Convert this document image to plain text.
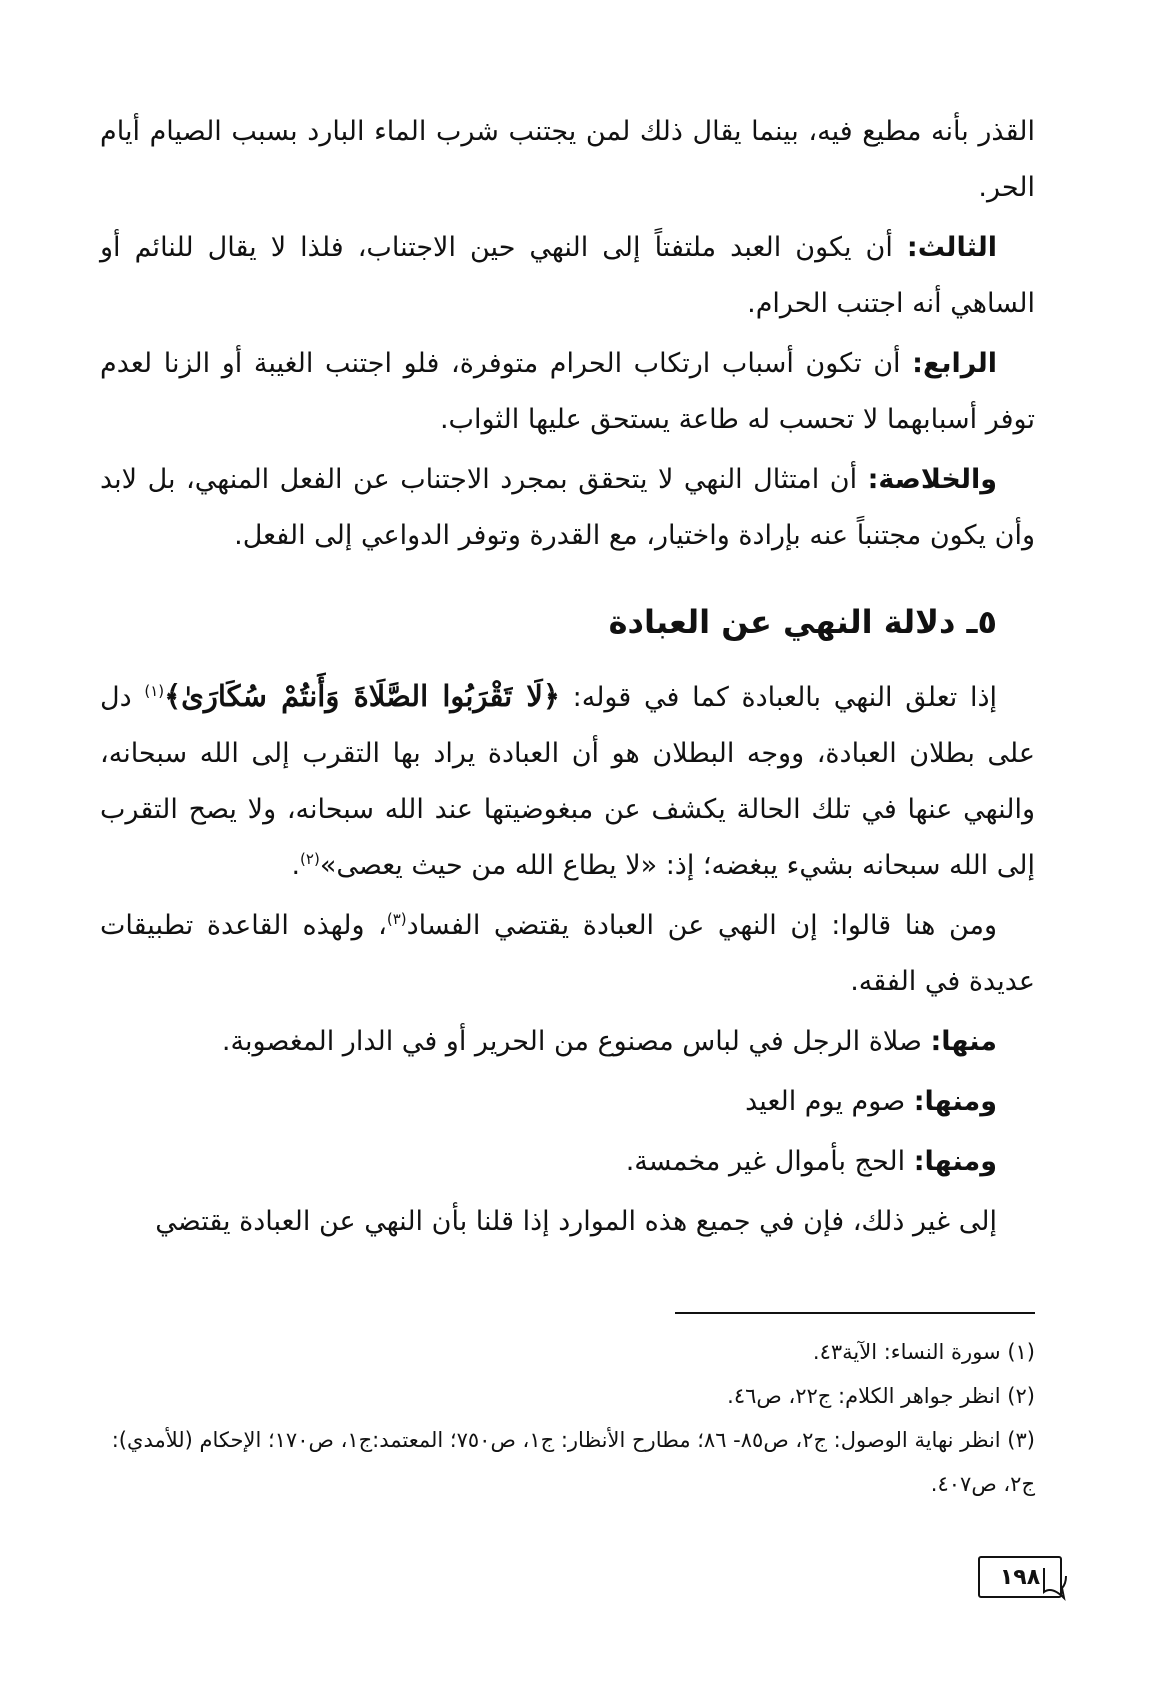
القذر بأنه مطيع فيه، بينما يقال ذلك لمن يجتنب شرب الماء البارد بسبب الصيام أيام الحر.

الثالث: أن يكون العبد ملتفتاً إلى النهي حين الاجتناب، فلذا لا يقال للنائم أو الساهي أنه اجتنب الحرام.

الرابع: أن تكون أسباب ارتكاب الحرام متوفرة، فلو اجتنب الغيبة أو الزنا لعدم توفر أسبابهما لا تحسب له طاعة يستحق عليها الثواب.

والخلاصة: أن امتثال النهي لا يتحقق بمجرد الاجتناب عن الفعل المنهي، بل لابد وأن يكون مجتنباً عنه بإرادة واختيار، مع القدرة وتوفر الدواعي إلى الفعل.

٥ـ دلالة النهي عن العبادة

إذا تعلق النهي بالعبادة كما في قوله: ﴿لَا تَقْرَبُوا الصَّلَاةَ وَأَنتُمْ سُكَارَىٰ﴾$^{(١)}$ دل على بطلان العبادة، ووجه البطلان هو أن العبادة يراد بها التقرب إلى الله سبحانه، والنهي عنها في تلك الحالة يكشف عن مبغوضيتها عند الله سبحانه، ولا يصح التقرب إلى الله سبحانه بشيء يبغضه؛ إذ: «لا يطاع الله من حيث يعصى»$^{(٢)}$.

ومن هنا قالوا: إن النهي عن العبادة يقتضي الفساد$^{(٣)}$، ولهذه القاعدة تطبيقات عديدة في الفقه.

منها: صلاة الرجل في لباس مصنوع من الحرير أو في الدار المغصوبة.

ومنها: صوم يوم العيد

ومنها: الحج بأموال غير مخمسة.

إلى غير ذلك، فإن في جميع هذه الموارد إذا قلنا بأن النهي عن العبادة يقتضي

(١) سورة النساء: الآية٤٣.

(٢) انظر جواهر الكلام: ج٢٢، ص٤٦.

(٣) انظر نهاية الوصول: ج٢، ص٨٥- ٨٦؛ مطارح الأنظار: ج١، ص٧٥٠؛ المعتمد:ج١، ص١٧٠؛ الإحكام (للأمدي): ج٢، ص٤٠٧.

١٩٨
